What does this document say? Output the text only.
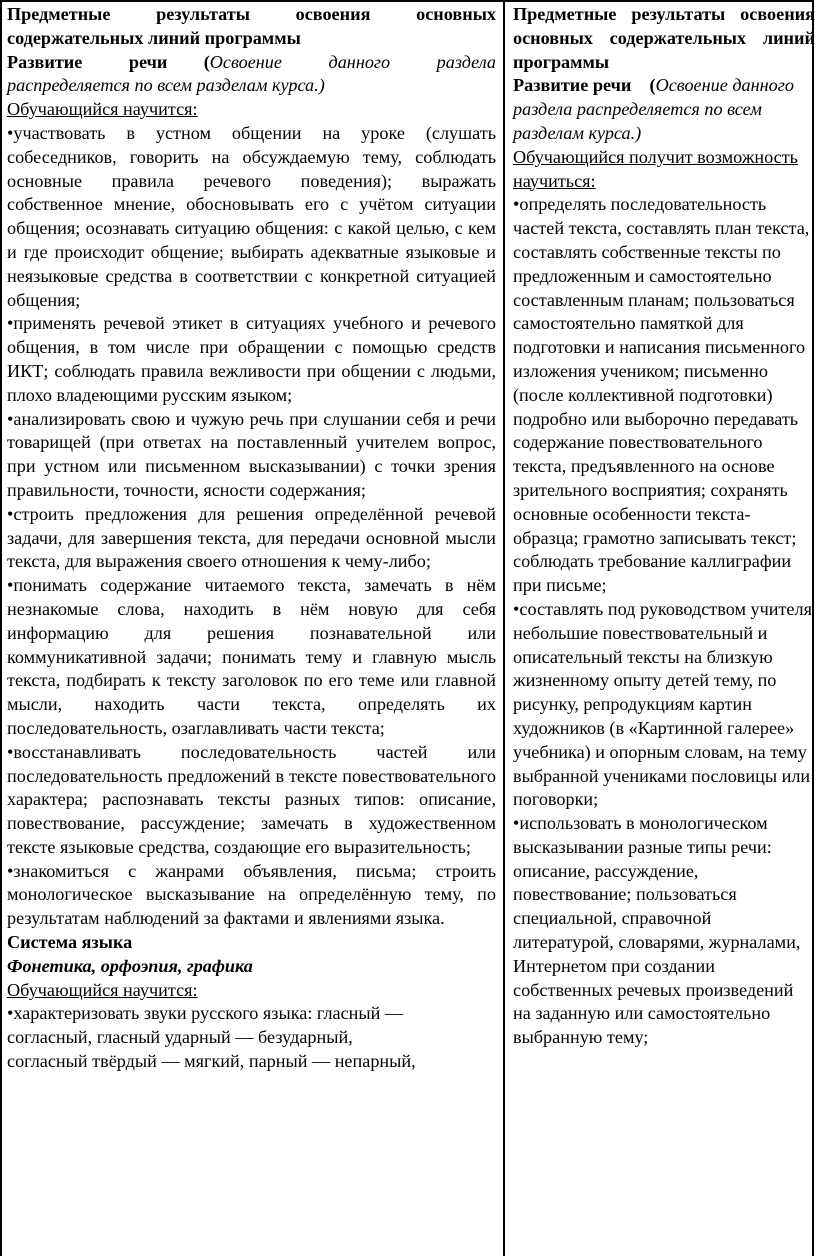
Предметные результаты освоения основных содержательных линий программы

Развитие речи   (Освоение данного раздела распределяется по всем разделам курса.)

Обучающийся научится:

•участвовать в устном общении на уроке (слушать собеседников, говорить на обсуждаемую тему, соблюдать основные правила речевого поведения); выражать собственное мнение, обосновывать его с учётом ситуации общения; осознавать ситуацию общения: с какой целью, с кем и где происходит общение; выбирать адекватные языковые и неязыковые средства в соответствии с конкретной ситуацией общения;

•применять речевой этикет в ситуациях учебного и речевого общения, в том числе при обращении с помощью средств ИКТ; соблюдать правила вежливости при общении с людьми, плохо владеющими русским языком;

•анализировать свою и чужую речь при слушании себя и речи товарищей (при ответах на поставленный учителем вопрос, при устном или письменном высказывании) с точки зрения правильности, точности, ясности содержания;

•строить предложения для решения определённой речевой задачи, для завершения текста, для передачи основной мысли текста, для выражения своего отношения к чему-либо;

•понимать содержание читаемого текста, замечать в нём незнакомые слова, находить в нём новую для себя информацию для решения познавательной или коммуникативной задачи; понимать тему и главную мысль текста, подбирать к тексту заголовок по его теме или главной мысли, находить части текста, определять их последовательность, озаглавливать части текста;

•восстанавливать последовательность частей или последовательность предложений в тексте повествовательного характера; распознавать тексты разных типов: описание, повествование, рассуждение; замечать в художественном тексте языковые средства, создающие его выразительность;

•знакомиться с жанрами объявления, письма; строить монологическое высказывание на определённую тему, по результатам наблюдений за фактами и явлениями языка.

Система языка

Фонетика, орфоэпия, графика

Обучающийся научится:

•характеризовать звуки русского языка: гласный —

согласный, гласный ударный — безударный,

согласный твёрдый — мягкий, парный — непарный,

Предметные результаты освоения основных содержательных линий программы

Развитие речи   (Освоение данного раздела распределяется по всем разделам курса.)

Обучающийся получит возможность научиться:

•определять последовательность частей текста, составлять план текста, составлять собственные тексты по предложенным и самостоятельно составленным планам; пользоваться самостоятельно памяткой для подготовки и написания письменного изложения учеником; письменно (после коллективной подготовки) подробно или выборочно передавать содержание повествовательного текста, предъявленного на основе зрительного восприятия; сохранять основные особенности текста-образца; грамотно записывать текст; соблюдать требование каллиграфии при письме;

•составлять под руководством учителя небольшие повествовательный и описательный тексты на близкую жизненному опыту детей тему, по рисунку, репродукциям картин художников (в «Картинной галерее» учебника) и опорным словам, на тему выбранной учениками пословицы или поговорки;

•использовать в монологическом высказывании разные типы речи: описание, рассуждение, повествование; пользоваться специальной, справочной литературой, словарями, журналами, Интернетом при создании собственных речевых произведений на заданную или самостоятельно выбранную тему;
